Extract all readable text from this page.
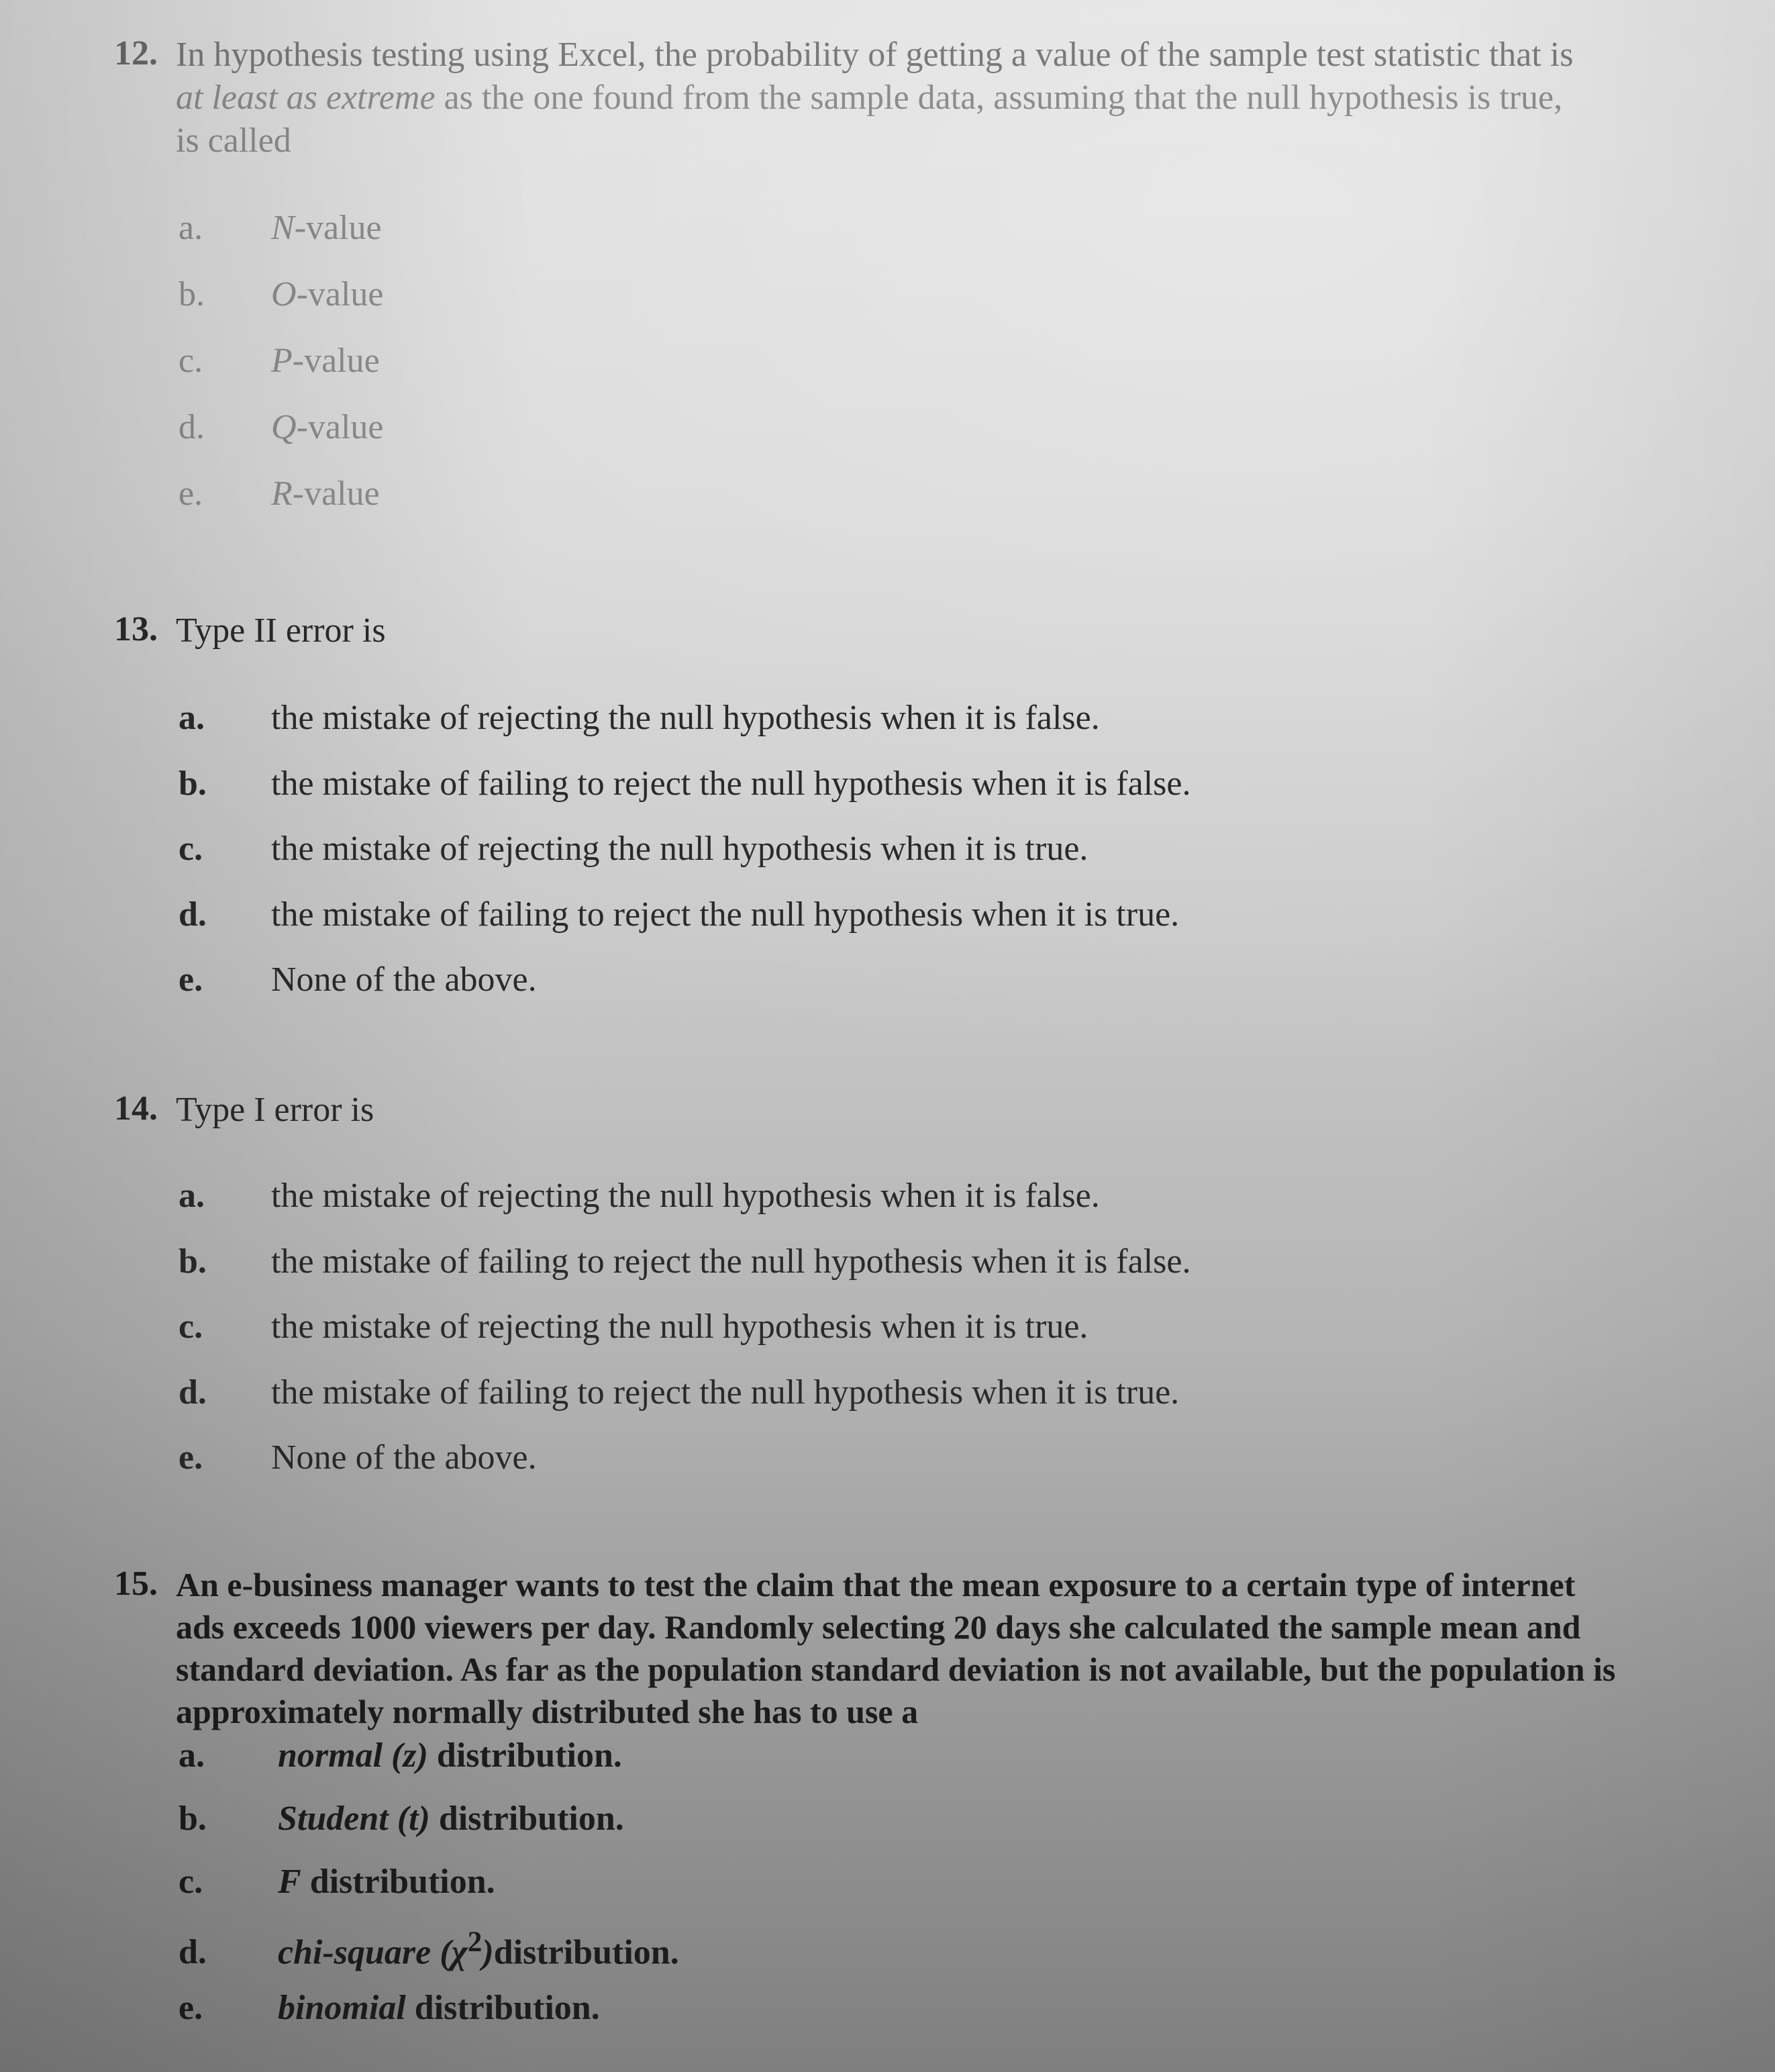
12. In hypothesis testing using Excel, the probability of getting a value of the sample test statistic that is
at least as extreme as the one found from the sample data, assuming that the null hypothesis is true,
is called
a. N-value
b. O-value
c. P-value
d. Q-value
e. R-value
13. Type II error is
a. the mistake of rejecting the null hypothesis when it is false.
b. the mistake of failing to reject the null hypothesis when it is false.
c. the mistake of rejecting the null hypothesis when it is true.
d. the mistake of failing to reject the null hypothesis when it is true.
e. None of the above.
14. Type I error is
a. the mistake of rejecting the null hypothesis when it is false.
b. the mistake of failing to reject the null hypothesis when it is false.
c. the mistake of rejecting the null hypothesis when it is true.
d. the mistake of failing to reject the null hypothesis when it is true.
e. None of the above.
15. An e-business manager wants to test the claim that the mean exposure to a certain type of internet
ads exceeds 1000 viewers per day. Randomly selecting 20 days she calculated the sample mean and
standard deviation. As far as the population standard deviation is not available, but the population is
approximately normally distributed she has to use a
a. normal (z) distribution.
b. Student (t) distribution.
c. F distribution.
d. chi-square $(\chi^2)distribution$.
e. binomial distribution.
